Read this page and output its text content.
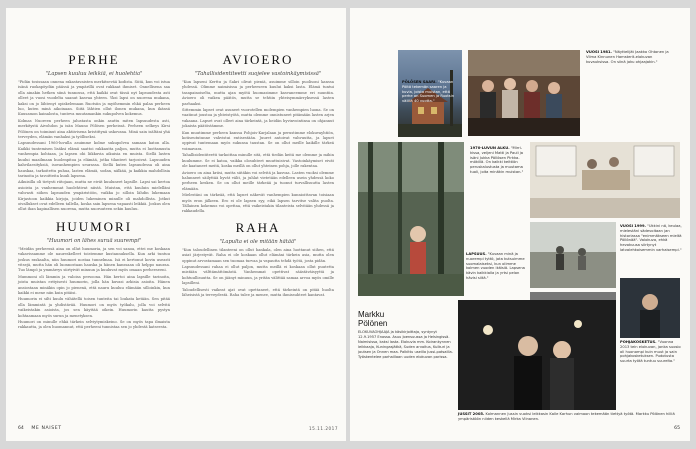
PERHE
"Lapsen kuuluu leikkiä, ei huolehtia"

"Pidän tosissaan onnena rakastavaisten merkitsevää kodista. Siitä, kun voi istua isänä ruokapöydän päässä ja ympärillä ovat rakkaat ihmiset. Onnellisena saa olla ainakin hetken siinä tunnossa, että kaikki ovat tässä nyt lapsuudesta asti olleet ja vuosi vuodelta saanut kasvaa yhteen. Yksi lapsi on nuorena mukana, kaksi on jo lähtenyt opiskelemaan Ruotsiin ja myöhemmin ehkä palaa perheen luo, kuten minä aikoinaan. Siitä lähtien ollut ilonen mukana, kun ikänsä Kuusamon kainalosta, tunteva muutamankin sukupolven kokemus.

Kolmas Nuoreen perheen jalustasta onkin asuttu miten lapsuudesta asti, merkitystä Aivohdon ja isän Mauno Pölösen perheissä. Perheen selkeys Kirsi Pölönen on toiminut aina aktiivisena kristittynä uskovana. Minä sain isältäni yhä terveyden, elämän vanhaksi ja työlliseksi.

Lapsuudessani 1960-luvulla asuimme kolme sukupolvea samaan katon alla. Kaikki tuntemisen lisäksi elämä saattoi rakkautta paljon, mutta ei luottamusta vanhempia kohtaan, ja lapsen ohi liikkuvia aikuisia en muista. Siellä lasten kuului maailmaan huolenpitoa ja elämää, jotka tilanteet tarjosivat. Lapsuuden kahvilaesityksiä, isovanhempien seurassa. Siellä kuten lapsuudessa oli aina hauskaa, tarkoitettu puhua, lasten elämiä, sodan, nälkää, ja kaikkia mahdollisia tarinoita ja tavoitteita kuuli lapsena.

Aikuisilla oli tietysti riitojaan, mutta ne eivät kuuluneet lapsille. Lapsi sai kertoa asioista ja vanhemmat huolehtivat niistä. Muistan, että kuuluin mielelläni vahvasti siihen lapsuuden ympäristöön, vaikka jo silloin lähdin lukemaan Kirjastoon kaikkia kirjoja, joiden lukeminen minulle oli mahdollista. Jotkut oivallukset ovat edelleen tallella, koska sain lapsena vapaasti leikkiä. Joskus olen ollut ihan kapinallisen nuorena, mutta nuoruuteen sekin kuuluu.

HUUMORI
"Huumori on lähes suruä suurempi"

"Meidän perheessä aina on ollut huumoria, ja sen voi sanoa, ettei me koskaan vakavissamme ole naureskelleet toistemme kustannuksella. Kun arki tuntuu joskus raskaalta, niin huumori nostaa tunnelmaa. Isä ei kertonut kovin useasti vitsejä, mutta hän oli luonnostaan hauska ja hänen kanssaan oli helppo nauraa. Tuo lämpö ja ymmärrys siirtyivät minuun ja kuuluvat myös omaan perheeseeni.

Mummoni oli lämmin ja valoisa persoona. Hän kertoi aina lapsille tarinoita, joista muistan erityisesti huumorin, jolla hän kuvasi arkisia asioita. Hänen ansiostaan minäkin opin jo pienenä, että nauru kuuluu elämään silloinkin, kun kaikki ei mene niin kuin pitäisi.

Huumorin ei silti kuulu vähätellä toisen tunteita tai loukata ketään. Sen pitää olla lämmintä ja yhdistävää. Huumori on myös työkalu, jolla voi selvitä vaikeistakin asioista, jos sen käyttää oikein. Huumorin kautta pystyn kohtaamaan myös surun ja menetyksen.

Huumori on minulle ehkä tärkein selviytymiskeino. Se on myös tapa ilmaista rakkautta, ja olen huomannut, että perheeni tunnistaa sen jo yhdestä katseesta.

AVIOERO
"Tahallisidentiteetti suojelee vastoinkäymisissä"

"Kun lapseni Kerttu ja Sakri olivat pieniä, asuimme silloin puolisoni kanssa yhdessä. Olimme naimisissa ja perheeseen kuului kaksi lasta. Elämä tuntui tasapainoiselta, mutta ajan myötä huomasimme kasvaneemme eri suuntiin. Avioero oli vaikea päätös, mutta se tehtiin yhteisymmärryksessä lasten parhaaksi.

Sittemmin lapset ovat asuneet vuorotellen molempien vanhempien luona. Se on vaatinut joustoa ja yhteistyötä, mutta olemme onnistuneet pitämään lasten arjen vakaana. Lapset ovat olleet aina tärkeintä, ja heidän hyvinvointinsa on ohjannut jokaista päätöstämme.

Kun muutimme perheen kanssa Pohjois-Karjalaan ja perustimme elokuvayhtiön, kotiseututunne vahvistui entisestään. Juuret antoivat vahvuutta, ja lapset oppivat tuntemaan myös sukunsa taustan. Se on ollut meille kaikille tärkeä voimavara.

Tahallisidentiteetti tarkoittaa minulle sitä, että tiedän keitä me olemme ja mihin kuulumme. Se ei katoa, vaikka olosuhteet muuttuisivat. Vastoinkäymiset eivät ole kaataneet meitä, koska meillä on ollut yhteinen pohja, jolle rakentaa.

Avioero on aina kriisi, mutta siitäkin voi selvitä ja kasvaa. Lasten vuoksi olemme halunneet säilyttää hyvät välit, ja juhlat vietetään edelleen usein yhdessä koko perheen kesken. Se on ollut meille tärkeää ja tuonut turvallisuutta lasten elämään.

Mielestäni on tärkeää, että lapset näkevät vanhempien kunnioittavan toisiaan myös eron jälkeen. Ero ei ole lapsen syy, eikä lapsen tarvitse valita puolta. Tällainen kokemus voi opettaa, että vaikeistakin tilanteista selvitään yhdessä ja rakkaudella.

RAHA
"Lapulta ei ole mitään hätää"

"Kun taloudellinen tilanteeni on ollut hankala, olen aina luottanut siihen, että asiat järjestyvät. Raha ei ole koskaan ollut elämäni tärkein asia, mutta olen oppinut arvostamaan sen tuomaa turvaa ja vapautta tehdä työtä, josta pidän.

Lapsuudessani rahaa ei ollut paljon, mutta meillä ei koskaan ollut puutetta mistään välttämättömästä. Vanhemmat opettivat säästäväisyyttä ja kohtuullisuutta. Se on jäänyt minuun, ja yritän välittää samaa arvoa myös omille lapsilleni.

Taloudellisesti vaikeat ajat ovat opettaneet, että tärkeintä on pitää huolta läheisistä ja terveydestä. Raha tulee ja menee, mutta ihmissuhteet kantavat.

64 ME NAISET	15.11.2017
PÖLÖSEN SAARI. "Kuvaan Pöltä tekemän saaren ja kuvia, joista muistan, että perhe on Suomen ja Ruotsin välillä 40 vuotta."
VUOSI 1981. "Näyttelijät Jaakko Ohtonen ja Vilma Kinnunen Hamsterit-elokuvan kuvauksissa. On siinä joku ohjaajakin."
1970-LUVUN ALKU. "Mirri-kissa, veljeni Matti ja Pauli ja isäni Jukka Pöllösen Pirkka-mökillä. On kaikki keittiön peruskalustusta ja muutama tuoli, joita minäkin muistan."
VUOSI 1999. "Ukkini nä, keulaa, mielestäni sädevoitaan jan historiassa "enimmäkseen mieltä Pöllönää". Valokuva, ehkä hevokuusa siirtynyt latvalehkoisemmin varhaisempi."
LAPSUUS. "Kuvaan minä ja nuorempi tyttö, jota kutsuimme suomalaiseksi, kun olimme kolmen vuoden ikäisiä. Lapsena kävin kaikkialla ja yrtsi pelon hävisi siitä."
POHJAKOSKETUS. "Vuonna 2013 tein elokuvan, jonka suosio oli huonompi kuin muut ja sain pohjakosketuksen. Pudotusta suurta työtä tuntuu suurelta."
Markku
Pölönen
ELOKUVAOHJAAJA ja käsikirjoittaja, syntynyt 12.9.1957 Enossa. Asuu Joensuussa ja Helsingissä. Naimisissa, kaksi lasta. Elokuvia mm. Koirankynnen leikkaaja, Kuningasjätkä, Suden arvoitus, Kulkuri ja joutsen ja Onnen maa. Palkittu useilla Jussi-patsailla. Työskentelee parhaillaan uuden elokuvan parissa.
JUSSIT 2005. Kolmannen Jussin vuoksi leikkasin Kalle Karhun vaimoon tekemään tiettyä työtä. Markku Pölönen hilliä ympäristöön niiden keskellä Mirka Viinanen.
65
